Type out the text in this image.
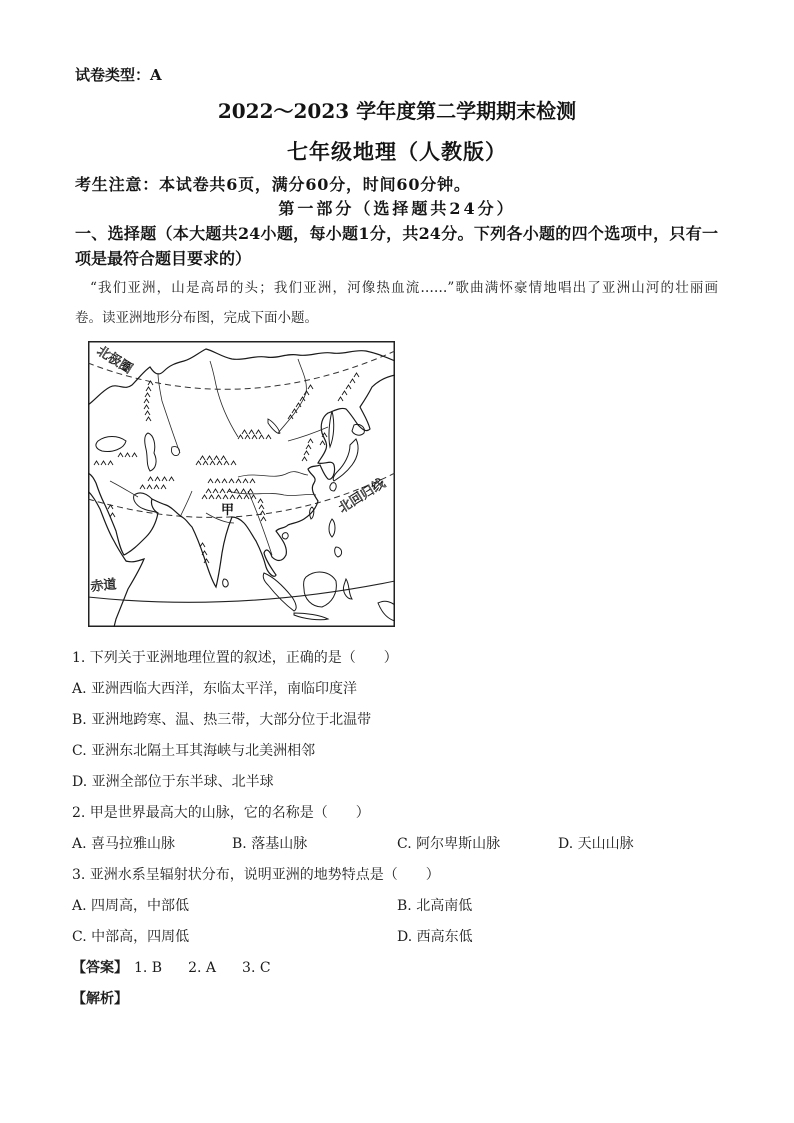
试卷类型：A
2022～2023 学年度第二学期期末检测
七年级地理（人教版）
考生注意：本试卷共6页，满分60分，时间60分钟。
第一部分（选择题共24分）
一、选择题（本大题共24小题，每小题1分，共24分。下列各小题的四个选项中，只有一
项是最符合题目要求的）
“我们亚洲，山是高昂的头；我们亚洲，河像热血流……”歌曲满怀豪情地唱出了亚洲山河的壮丽画
卷。读亚洲地形分布图，完成下面小题。
北极圈
北回归线
甲
赤道
1. 下列关于亚洲地理位置的叙述，正确的是（　　）
A. 亚洲西临大西洋，东临太平洋，南临印度洋
B. 亚洲地跨寒、温、热三带，大部分位于北温带
C. 亚洲东北隔土耳其海峡与北美洲相邻
D. 亚洲全部位于东半球、北半球
2. 甲是世界最高大的山脉，它的名称是（　　）
A. 喜马拉雅山脉	B. 落基山脉	C. 阿尔卑斯山脉	D. 天山山脉
3. 亚洲水系呈辐射状分布，说明亚洲的地势特点是（　　）
A. 四周高，中部低	B. 北高南低
C. 中部高，四周低	D. 西高东低
【答案】 1. B 2. A 3. C
【解析】
